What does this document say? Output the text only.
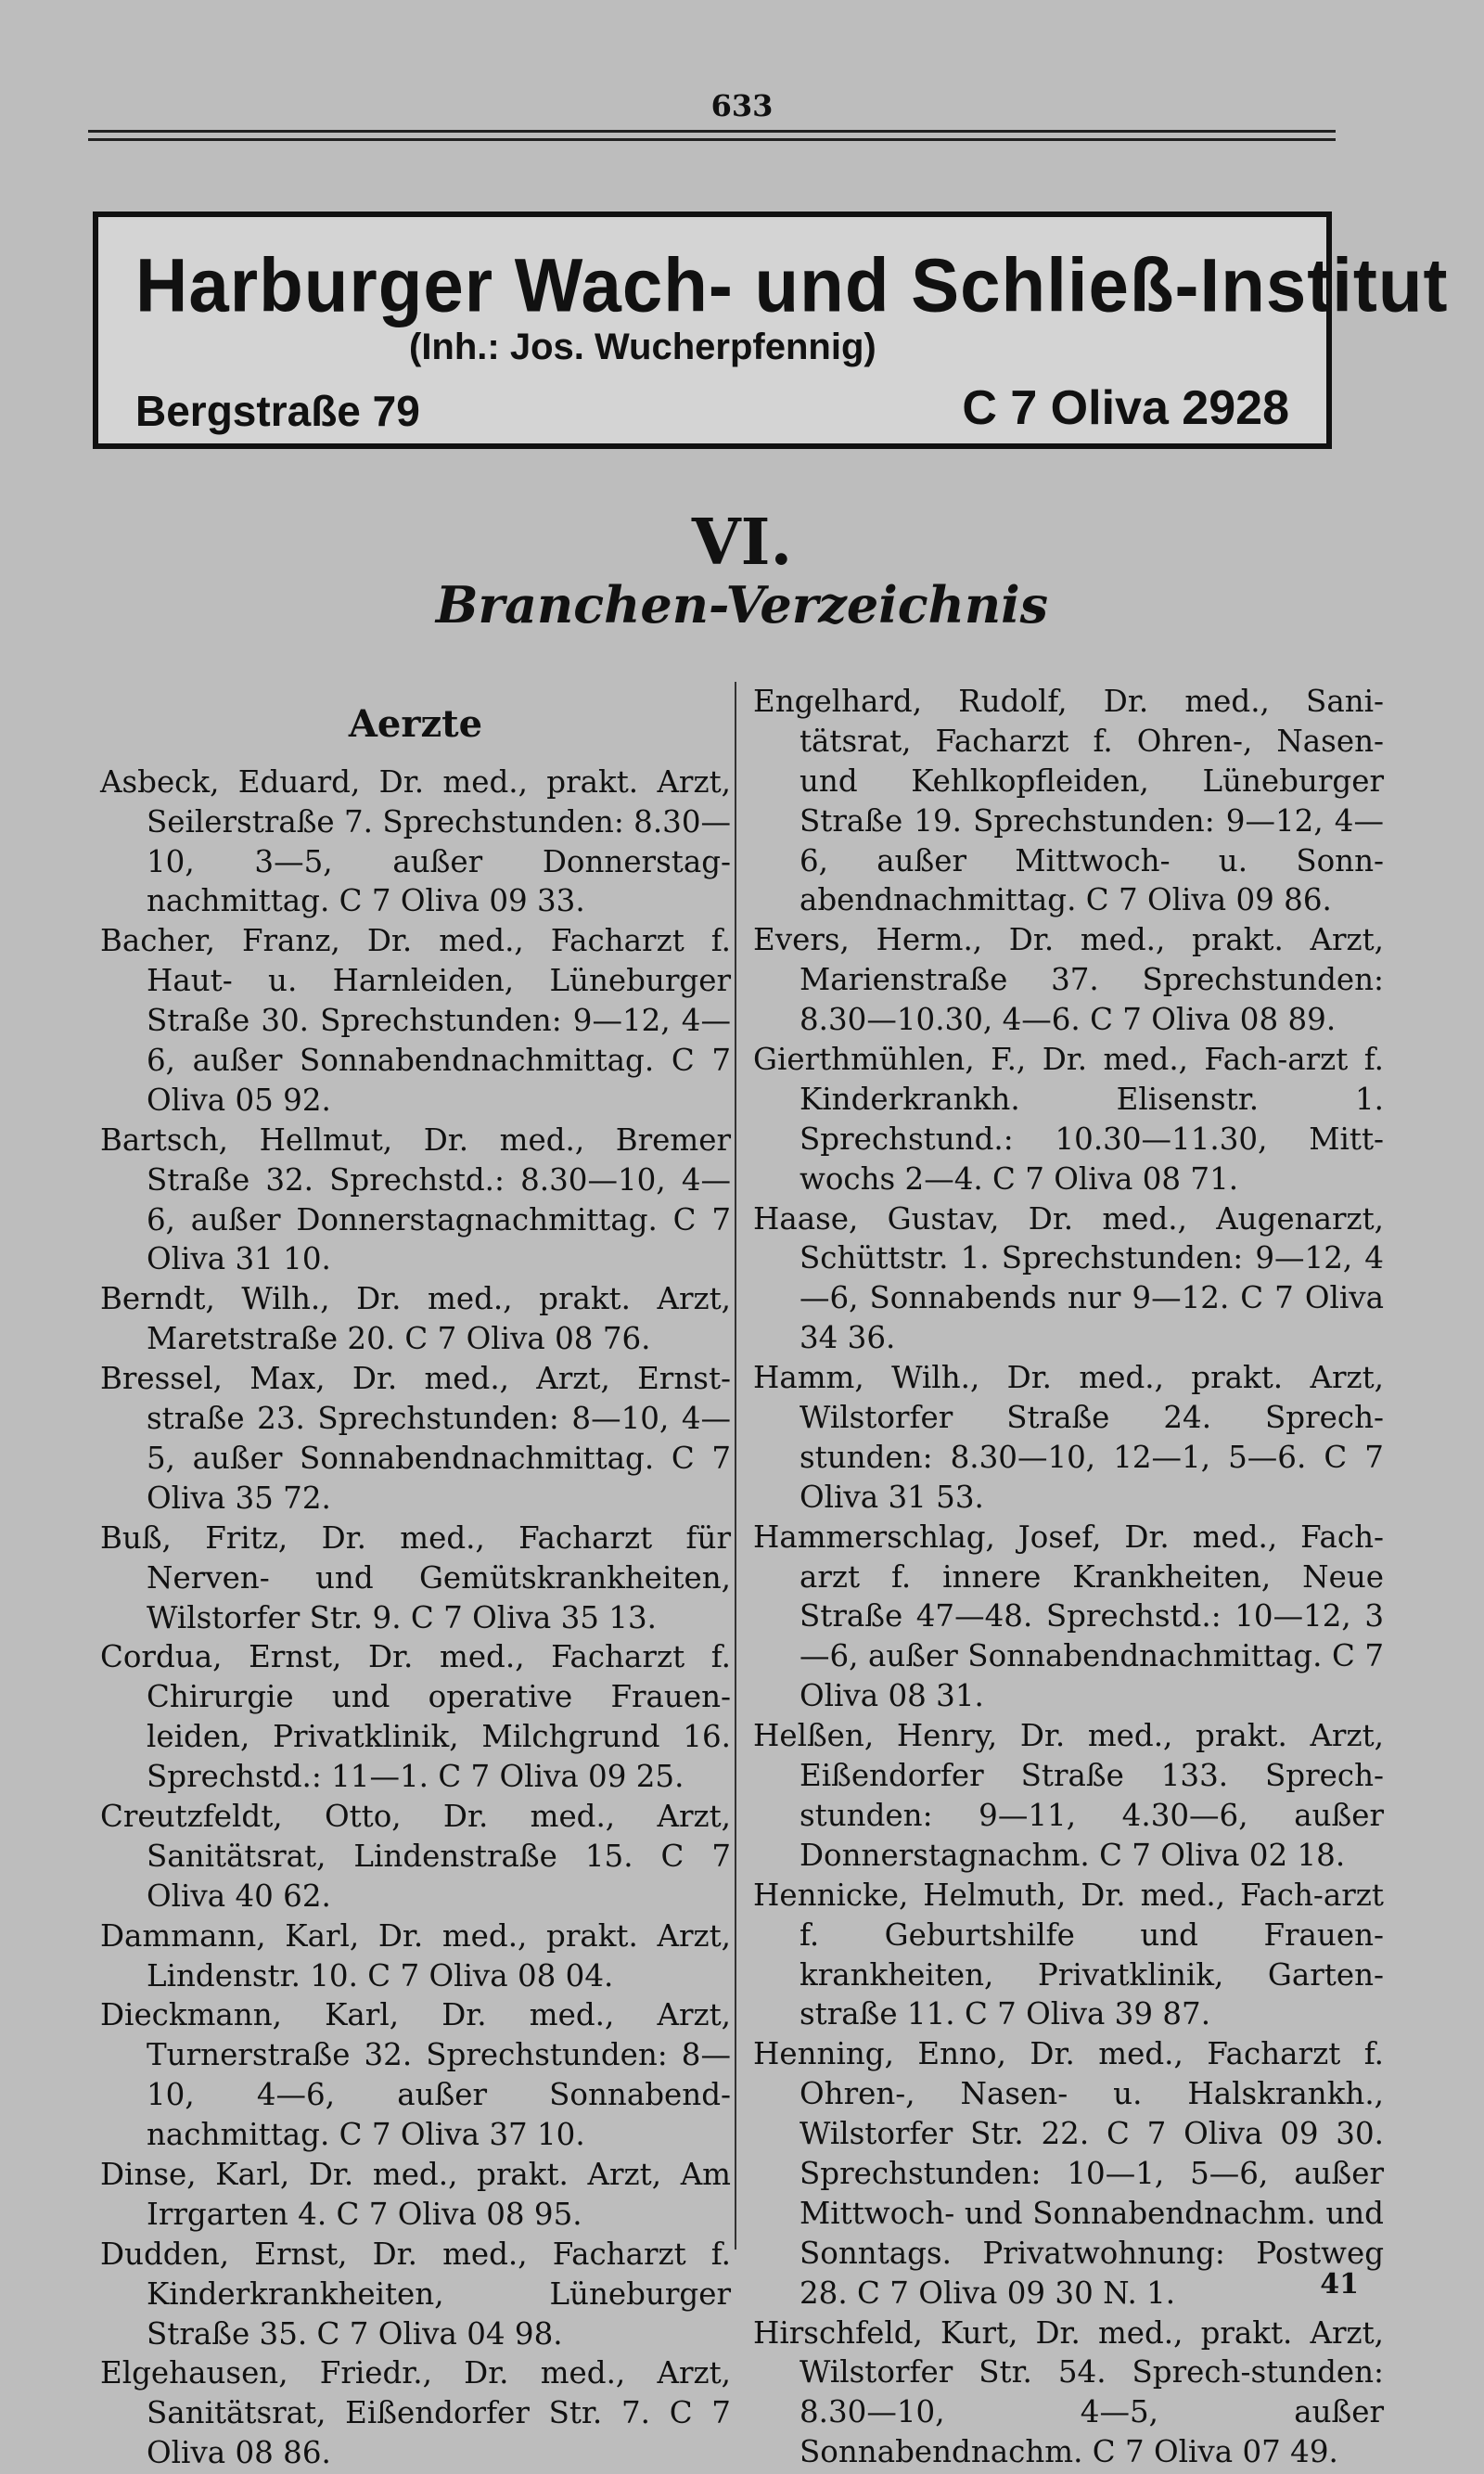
633
Harburger Wach- und Schließ-Institut
(Inh.: Jos. Wucherpfennig)
Bergstraße 79	C 7 Oliva 2928
VI.
Branchen-Verzeichnis
Aerzte
Asbeck, Eduard, Dr. med., prakt. Arzt, Seilerstraße 7. Sprechstunden: 8.30—10, 3—5, außer Donnerstag-nachmittag. C 7 Oliva 09 33.
Bacher, Franz, Dr. med., Facharzt f. Haut- u. Harnleiden, Lüneburger Straße 30. Sprechstunden: 9—12, 4—6, außer Sonnabendnachmittag. C 7 Oliva 05 92.
Bartsch, Hellmut, Dr. med., Bremer Straße 32. Sprechstd.: 8.30—10, 4—6, außer Donnerstagnachmittag. C 7 Oliva 31 10.
Berndt, Wilh., Dr. med., prakt. Arzt, Maretstraße 20. C 7 Oliva 08 76.
Bressel, Max, Dr. med., Arzt, Ernst-straße 23. Sprechstunden: 8—10, 4—5, außer Sonnabendnachmittag. C 7 Oliva 35 72.
Buß, Fritz, Dr. med., Facharzt für Nerven- und Gemütskrankheiten, Wilstorfer Str. 9. C 7 Oliva 35 13.
Cordua, Ernst, Dr. med., Facharzt f. Chirurgie und operative Frauen-leiden, Privatklinik, Milchgrund 16. Sprechstd.: 11—1. C 7 Oliva 09 25.
Creutzfeldt, Otto, Dr. med., Arzt, Sanitätsrat, Lindenstraße 15. C 7 Oliva 40 62.
Dammann, Karl, Dr. med., prakt. Arzt, Lindenstr. 10. C 7 Oliva 08 04.
Dieckmann, Karl, Dr. med., Arzt, Turnerstraße 32. Sprechstunden: 8—10, 4—6, außer Sonnabend-nachmittag. C 7 Oliva 37 10.
Dinse, Karl, Dr. med., prakt. Arzt, Am Irrgarten 4. C 7 Oliva 08 95.
Dudden, Ernst, Dr. med., Facharzt f. Kinderkrankheiten, Lüneburger Straße 35. C 7 Oliva 04 98.
Elgehausen, Friedr., Dr. med., Arzt, Sanitätsrat, Eißendorfer Str. 7. C 7 Oliva 08 86.
Engelhard, Rudolf, Dr. med., Sani-tätsrat, Facharzt f. Ohren-, Nasen- und Kehlkopfleiden, Lüneburger Straße 19. Sprechstunden: 9—12, 4—6, außer Mittwoch- u. Sonn-abendnachmittag. C 7 Oliva 09 86.
Evers, Herm., Dr. med., prakt. Arzt, Marienstraße 37. Sprechstunden: 8.30—10.30, 4—6. C 7 Oliva 08 89.
Gierthmühlen, F., Dr. med., Fach-arzt f. Kinderkrankh. Elisenstr. 1. Sprechstund.: 10.30—11.30, Mitt-wochs 2—4. C 7 Oliva 08 71.
Haase, Gustav, Dr. med., Augenarzt, Schüttstr. 1. Sprechstunden: 9—12, 4—6, Sonnabends nur 9—12. C 7 Oliva 34 36.
Hamm, Wilh., Dr. med., prakt. Arzt, Wilstorfer Straße 24. Sprech-stunden: 8.30—10, 12—1, 5—6. C 7 Oliva 31 53.
Hammerschlag, Josef, Dr. med., Fach-arzt f. innere Krankheiten, Neue Straße 47—48. Sprechstd.: 10—12, 3—6, außer Sonnabendnachmittag. C 7 Oliva 08 31.
Helßen, Henry, Dr. med., prakt. Arzt, Eißendorfer Straße 133. Sprech-stunden: 9—11, 4.30—6, außer Donnerstagnachm. C 7 Oliva 02 18.
Hennicke, Helmuth, Dr. med., Fach-arzt f. Geburtshilfe und Frauen-krankheiten, Privatklinik, Garten-straße 11. C 7 Oliva 39 87.
Henning, Enno, Dr. med., Facharzt f. Ohren-, Nasen- u. Halskrankh., Wilstorfer Str. 22. C 7 Oliva 09 30. Sprechstunden: 10—1, 5—6, außer Mittwoch- und Sonnabendnachm. und Sonntags. Privatwohnung: Postweg 28. C 7 Oliva 09 30 N. 1.
Hirschfeld, Kurt, Dr. med., prakt. Arzt, Wilstorfer Str. 54. Sprech-stunden: 8.30—10, 4—5, außer Sonnabendnachm. C 7 Oliva 07 49.
41
